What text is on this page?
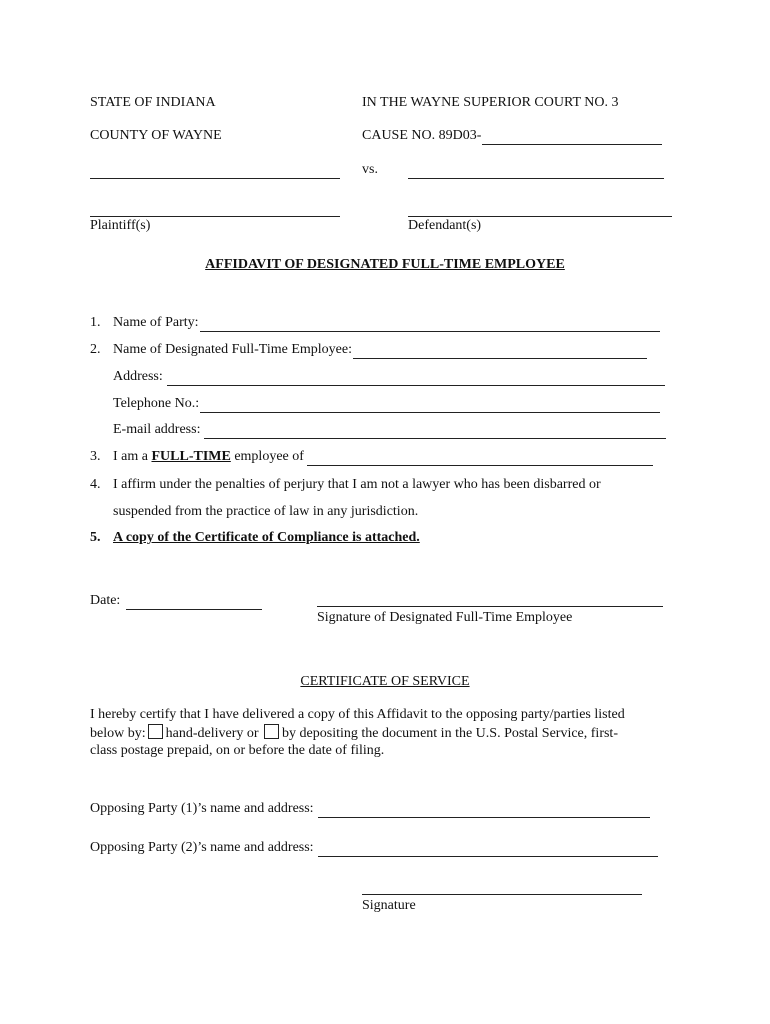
STATE OF INDIANA	IN THE WAYNE SUPERIOR COURT NO. 3
COUNTY OF WAYNE	CAUSE NO. 89D03-
vs.
Plaintiff(s)	Defendant(s)
AFFIDAVIT OF DESIGNATED FULL-TIME EMPLOYEE
1. Name of Party:
2. Name of Designated Full-Time Employee:
Address:
Telephone No.:
E-mail address:
3. I am a
FULL-TIME
employee of
4. I affirm under the penalties of perjury that I am not a lawyer who has been disbarred or
suspended from the practice of law in any jurisdiction.
5. A copy of the Certificate of Compliance is attached.
Date:
Signature of Designated Full-Time Employee
CERTIFICATE OF SERVICE
I hereby certify that I have delivered a copy of this Affidavit to the opposing party/parties listed
below by: hand-delivery or by depositing the document in the U.S. Postal Service, first-
class postage prepaid, on or before the date of filing.
Opposing Party (1)’s name and address:
Opposing Party (2)’s name and address:
Signature
